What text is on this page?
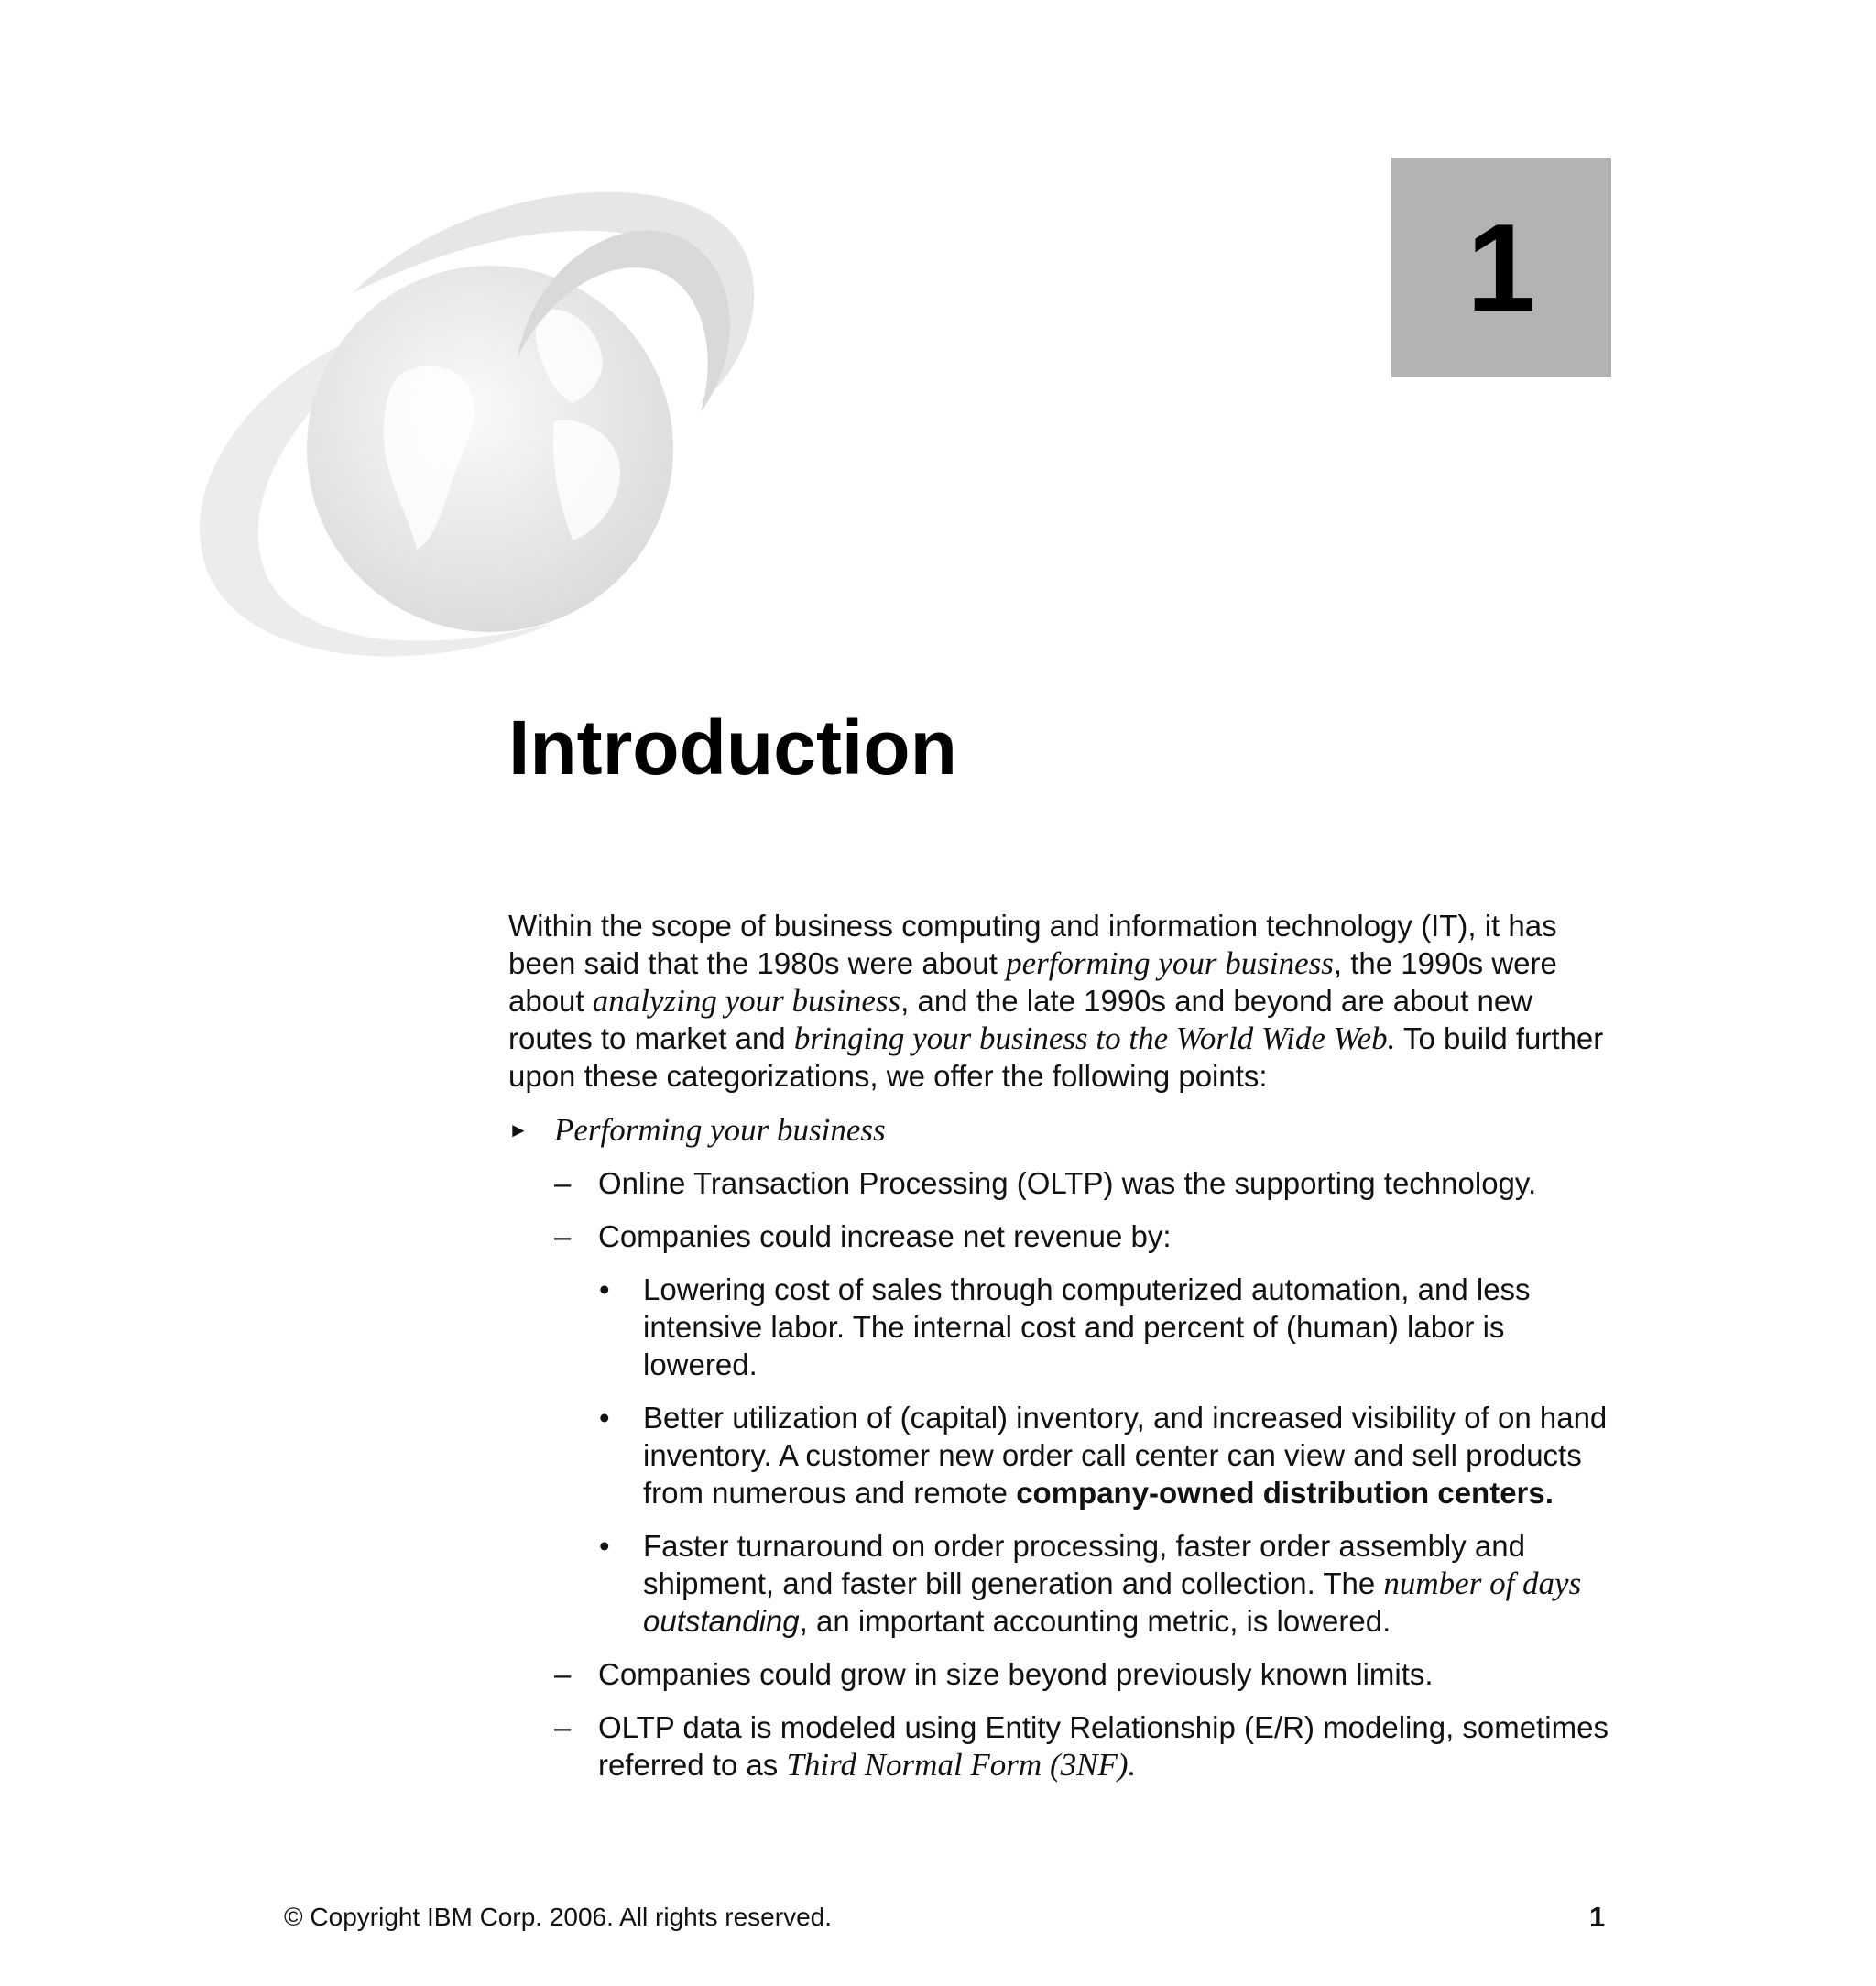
1
Introduction

Within the scope of business computing and information technology (IT), it has been said that the 1980s were about performing your business, the 1990s were about analyzing your business, and the late 1990s and beyond are about new routes to market and bringing your business to the World Wide Web. To build further upon these categorizations, we offer the following points:

► Performing your business
– Online Transaction Processing (OLTP) was the supporting technology.
– Companies could increase net revenue by:
• Lowering cost of sales through computerized automation, and less intensive labor. The internal cost and percent of (human) labor is lowered.
• Better utilization of (capital) inventory, and increased visibility of on hand inventory. A customer new order call center can view and sell products from numerous and remote company-owned distribution centers.
• Faster turnaround on order processing, faster order assembly and shipment, and faster bill generation and collection. The number of days outstanding, an important accounting metric, is lowered.
– Companies could grow in size beyond previously known limits.
– OLTP data is modeled using Entity Relationship (E/R) modeling, sometimes referred to as Third Normal Form (3NF).
© Copyright IBM Corp. 2006. All rights reserved.	1
